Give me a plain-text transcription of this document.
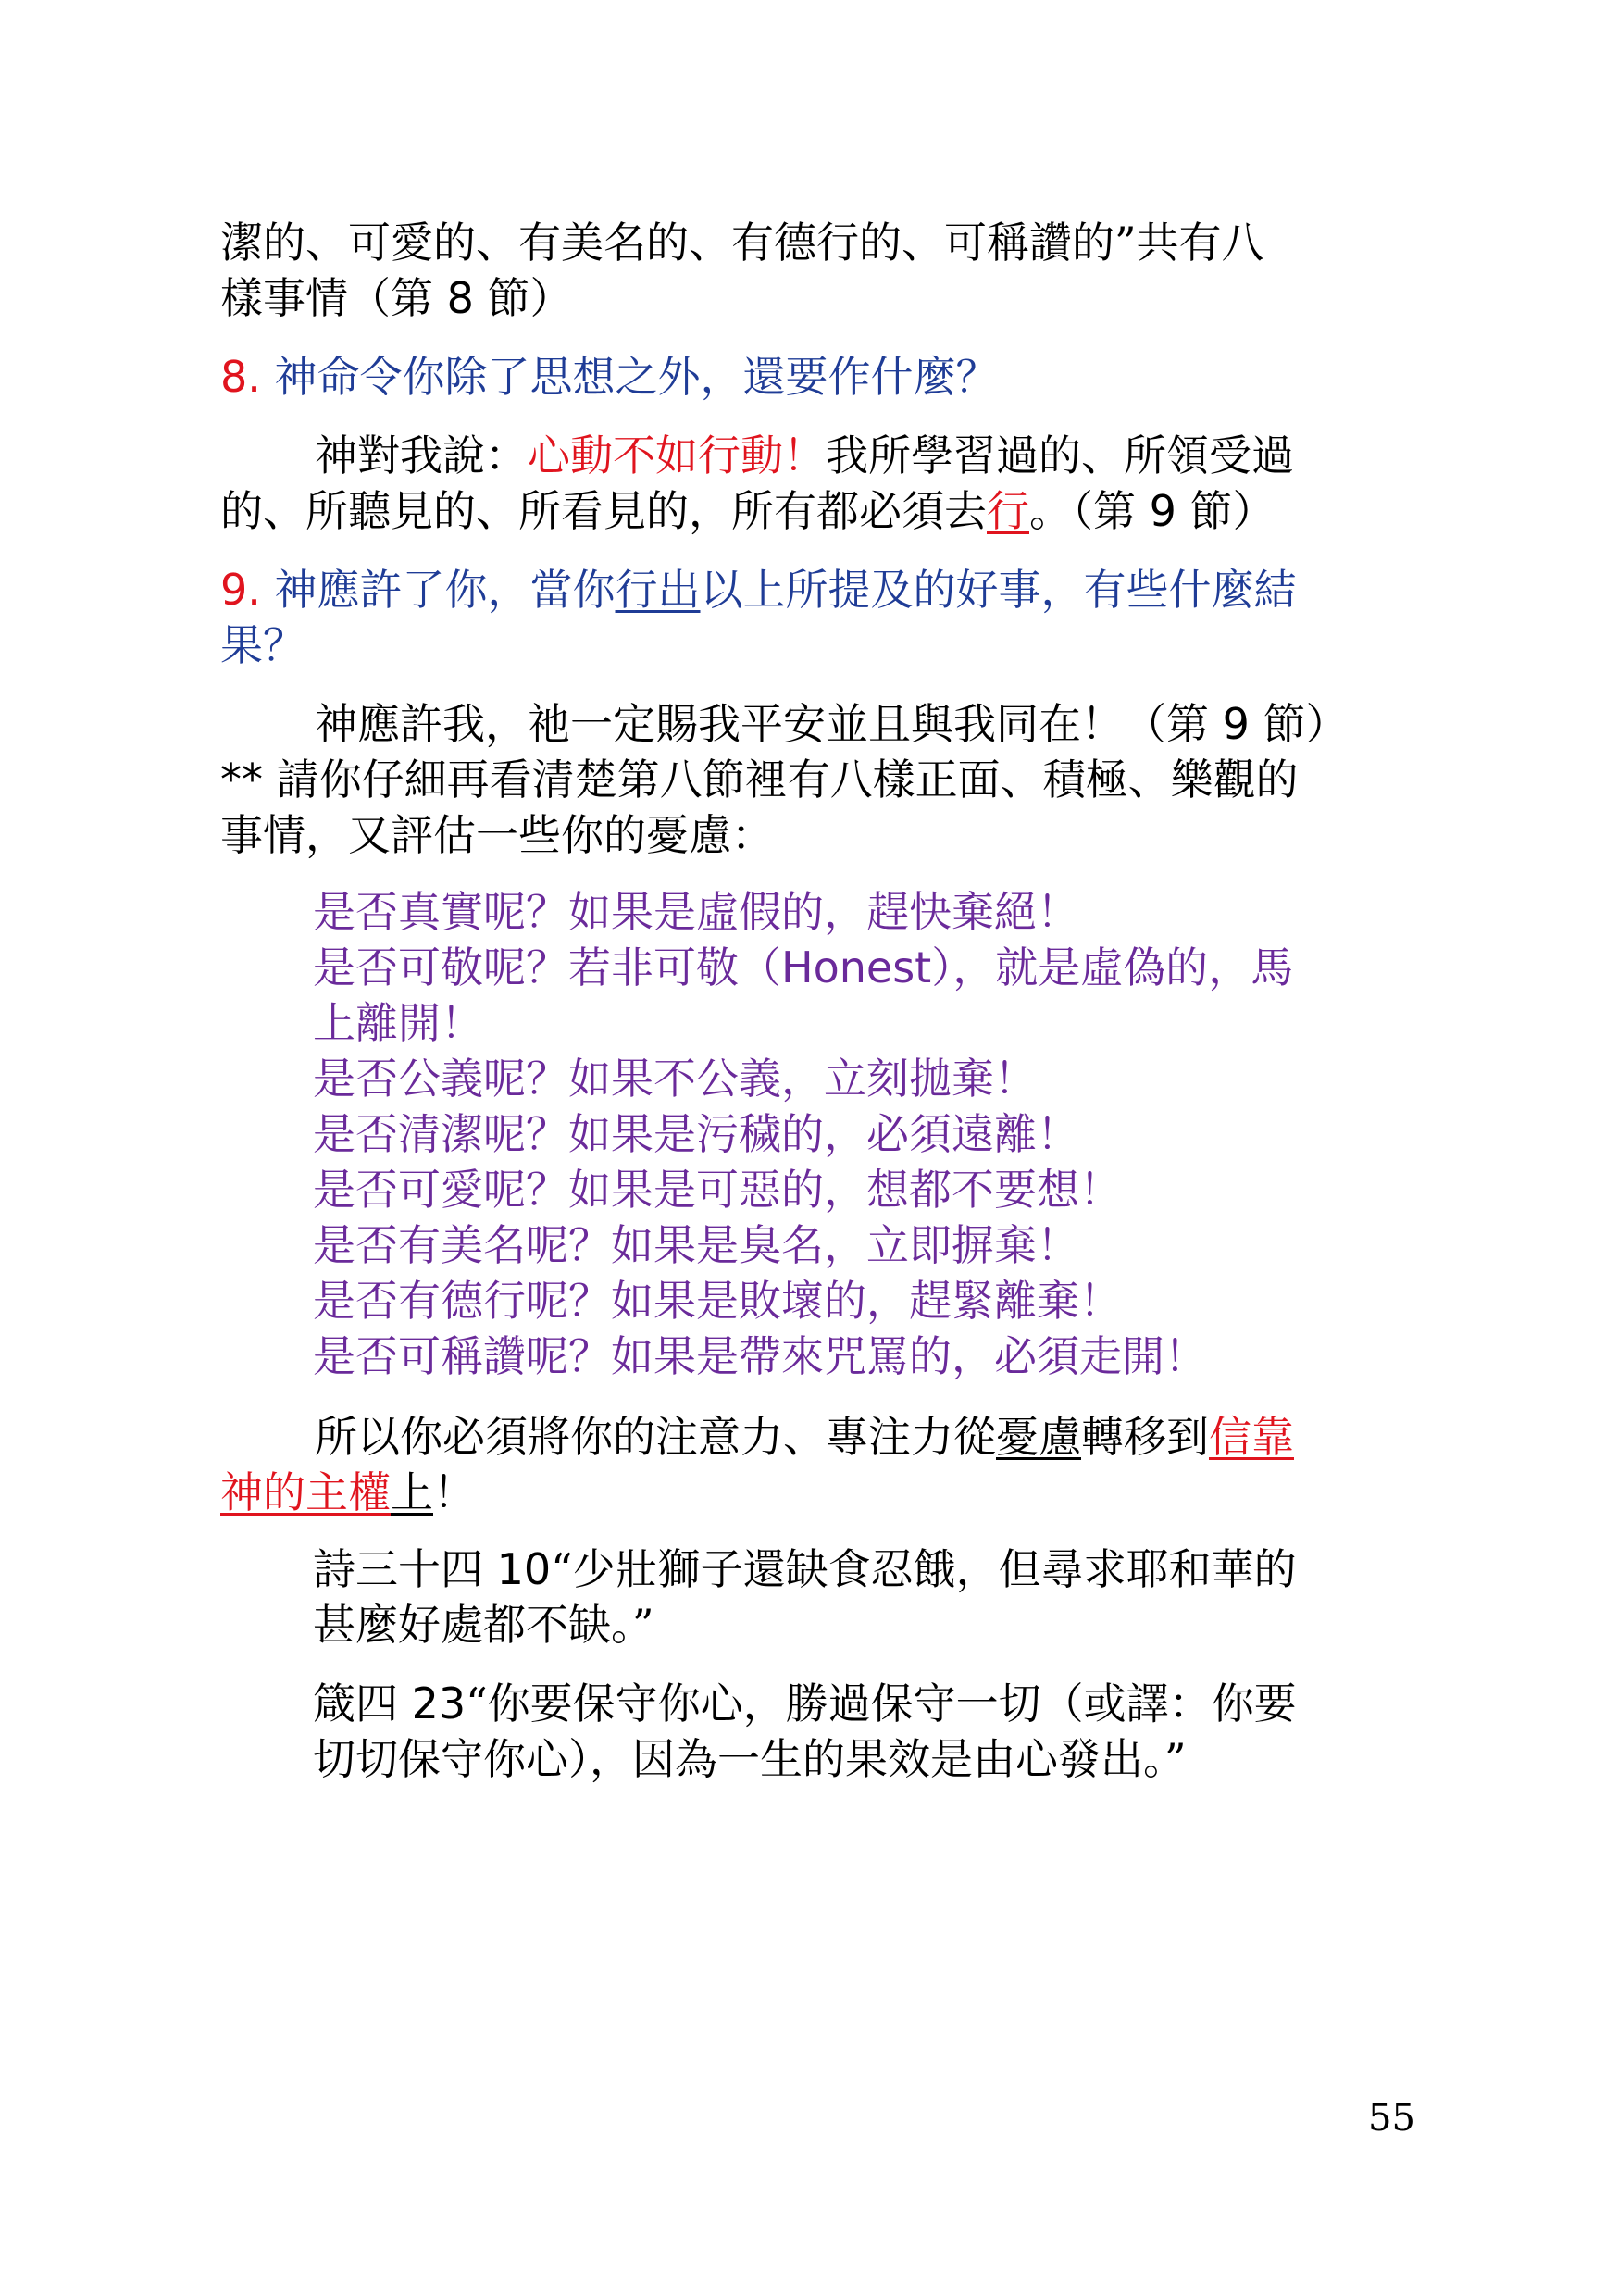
潔的、可愛的、有美名的、有德行的、可稱讚的”共有八

樣事情（第 8 節）

8. 神命令你除了思想之外，還要作什麼？

神對我說：心動不如行動！我所學習過的、所領受過

的、所聽見的、所看見的，所有都必須去行。（第 9 節）

9. 神應許了你，當你行出以上所提及的好事，有些什麼結

果？

神應許我，祂一定賜我平安並且與我同在！（第 9 節）

** 請你仔細再看清楚第八節裡有八樣正面、積極、樂觀的

事情，又評估一些你的憂慮：

是否真實呢？如果是虛假的，趕快棄絕！
是否可敬呢？若非可敬（Honest），就是虛偽的，馬
上離開！
是否公義呢？如果不公義，立刻拋棄！
是否清潔呢？如果是污穢的，必須遠離！
是否可愛呢？如果是可惡的，想都不要想！
是否有美名呢？如果是臭名，立即摒棄！
是否有德行呢？如果是敗壞的，趕緊離棄！
是否可稱讚呢？如果是帶來咒罵的，必須走開！

所以你必須將你的注意力、專注力從憂慮轉移到信靠

神的主權上！

詩三十四 10“少壯獅子還缺食忍餓，但尋求耶和華的
甚麼好處都不缺。”
箴四 23“你要保守你心，勝過保守一切（或譯：你要
切切保守你心），因為一生的果效是由心發出。”
55
